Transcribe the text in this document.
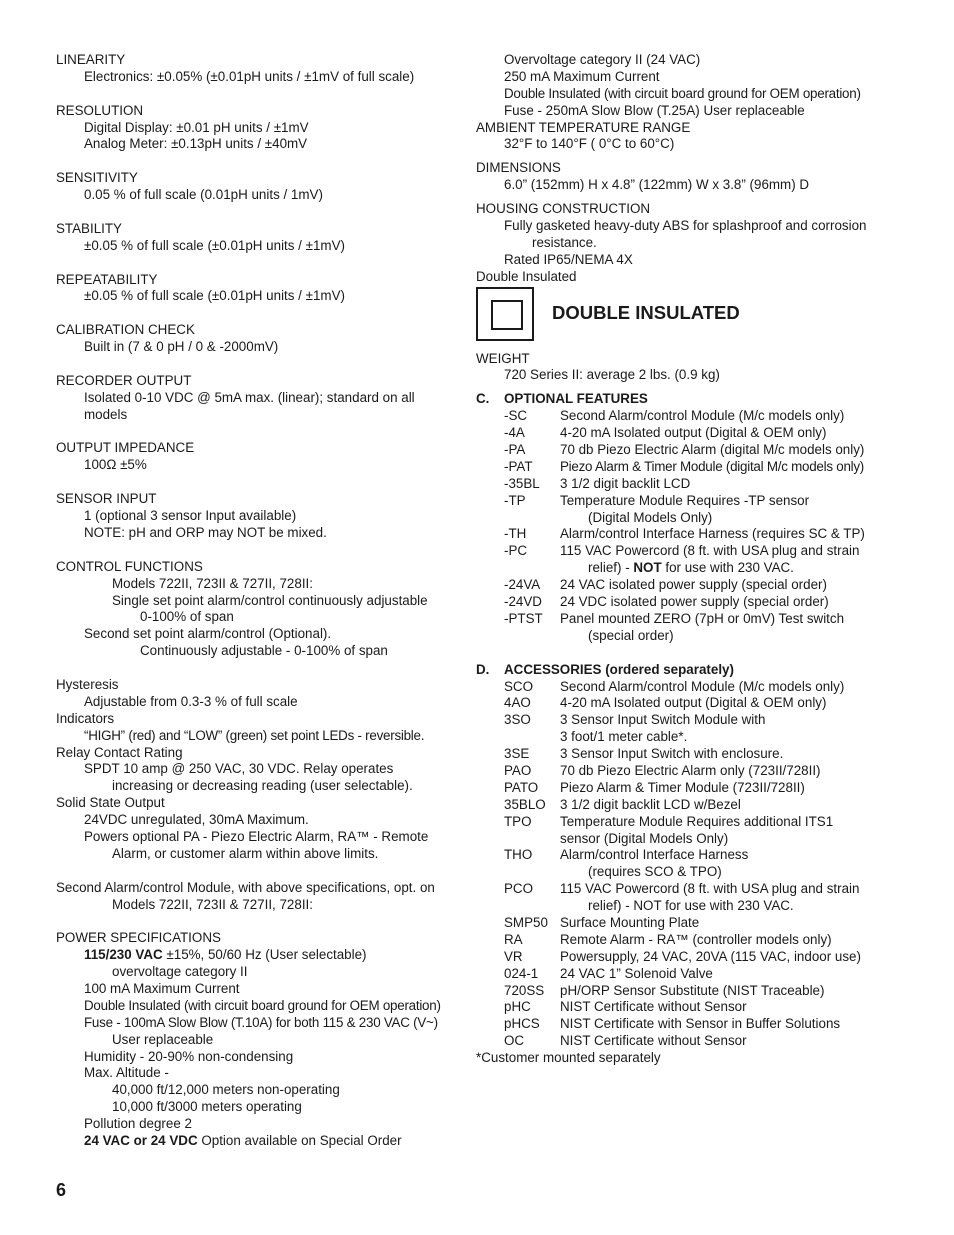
LINEARITY
Electronics: ±0.05% (±0.01pH units / ±1mV of full scale)
RESOLUTION
Digital Display: ±0.01 pH units / ±1mV
Analog Meter: ±0.13pH units / ±40mV
SENSITIVITY
0.05 % of full scale (0.01pH units / 1mV)
STABILITY
±0.05 % of full scale (±0.01pH units / ±1mV)
REPEATABILITY
±0.05 % of full scale (±0.01pH units / ±1mV)
CALIBRATION CHECK
Built in (7 & 0 pH / 0 & -2000mV)
RECORDER OUTPUT
Isolated 0-10 VDC @ 5mA max. (linear); standard on all
models
OUTPUT IMPEDANCE
100Ω ±5%
SENSOR INPUT
1 (optional 3 sensor Input available)
NOTE: pH and ORP may NOT be mixed.
CONTROL FUNCTIONS
Models 722II, 723II & 727II, 728II:
Single set point alarm/control continuously adjustable
0-100% of span
Second set point alarm/control (Optional).
Continuously adjustable - 0-100% of span
Hysteresis
Adjustable from 0.3-3 % of full scale
Indicators
“HIGH” (red) and “LOW” (green) set point LEDs - reversible.
Relay Contact Rating
SPDT 10 amp @ 250 VAC, 30 VDC. Relay operates
increasing or decreasing reading (user selectable).
Solid State Output
24VDC unregulated, 30mA Maximum.
Powers optional PA - Piezo Electric Alarm, RA™ - Remote
Alarm, or customer alarm within above limits.
Second Alarm/control Module, with above specifications, opt. on
Models 722II, 723II & 727II, 728II:
POWER SPECIFICATIONS
115/230 VAC ±15%, 50/60 Hz (User selectable)
overvoltage category II
100 mA Maximum Current
Double Insulated (with circuit board ground for OEM operation)
Fuse - 100mA Slow Blow (T.10A) for both 115 & 230 VAC (V~)
User replaceable
Humidity - 20-90% non-condensing
Max. Altitude -
40,000 ft/12,000 meters non-operating
10,000 ft/3000 meters operating
Pollution degree 2
24 VAC or 24 VDC Option available on Special Order
Overvoltage category II (24 VAC)
250 mA Maximum Current
Double Insulated (with circuit board ground for OEM operation)
Fuse - 250mA Slow Blow (T.25A) User replaceable
AMBIENT TEMPERATURE RANGE
32°F to 140°F ( 0°C to 60°C)
DIMENSIONS
6.0” (152mm) H x 4.8” (122mm) W x 3.8” (96mm) D
HOUSING CONSTRUCTION
Fully gasketed heavy-duty ABS for splashproof and corrosion
resistance.
Rated IP65/NEMA 4X
Double Insulated
DOUBLE INSULATED
WEIGHT
720 Series II: average 2 lbs. (0.9 kg)
C.	OPTIONAL FEATURES
-SC	Second Alarm/control Module (M/c models only)
-4A	4-20 mA Isolated output (Digital & OEM only)
-PA	70 db Piezo Electric Alarm (digital M/c models only)
-PAT	Piezo Alarm & Timer Module (digital M/c models only)
-35BL	3 1/2 digit backlit LCD
-TP	Temperature Module Requires -TP sensor
(Digital Models Only)
-TH	Alarm/control Interface Harness (requires SC & TP)
-PC	115 VAC Powercord (8 ft. with USA plug and strain
relief) - NOT for use with 230 VAC.
-24VA	24 VAC isolated power supply (special order)
-24VD	24 VDC isolated power supply (special order)
-PTST	Panel mounted ZERO (7pH or 0mV) Test switch
(special order)
D.	ACCESSORIES (ordered separately)
SCO	Second Alarm/control Module (M/c models only)
4AO	4-20 mA Isolated output (Digital & OEM only)
3SO	3 Sensor Input Switch Module with
3 foot/1 meter cable*.
3SE	3 Sensor Input Switch with enclosure.
PAO	70 db Piezo Electric Alarm only (723II/728II)
PATO	Piezo Alarm & Timer Module (723II/728II)
35BLO	3 1/2 digit backlit LCD w/Bezel
TPO	Temperature Module Requires additional ITS1
sensor (Digital Models Only)
THO	Alarm/control Interface Harness
(requires SCO & TPO)
PCO	115 VAC Powercord (8 ft. with USA plug and strain
relief) - NOT for use with 230 VAC.
SMP50 Surface Mounting Plate
RA	Remote Alarm - RA™ (controller models only)
VR	Powersupply, 24 VAC, 20VA (115 VAC, indoor use)
024-1	24 VAC 1” Solenoid Valve
720SS	pH/ORP Sensor Substitute (NIST Traceable)
pHC	NIST Certificate without Sensor
pHCS	NIST Certificate with Sensor in Buffer Solutions
OC	NIST Certificate without Sensor
*Customer mounted separately
6
